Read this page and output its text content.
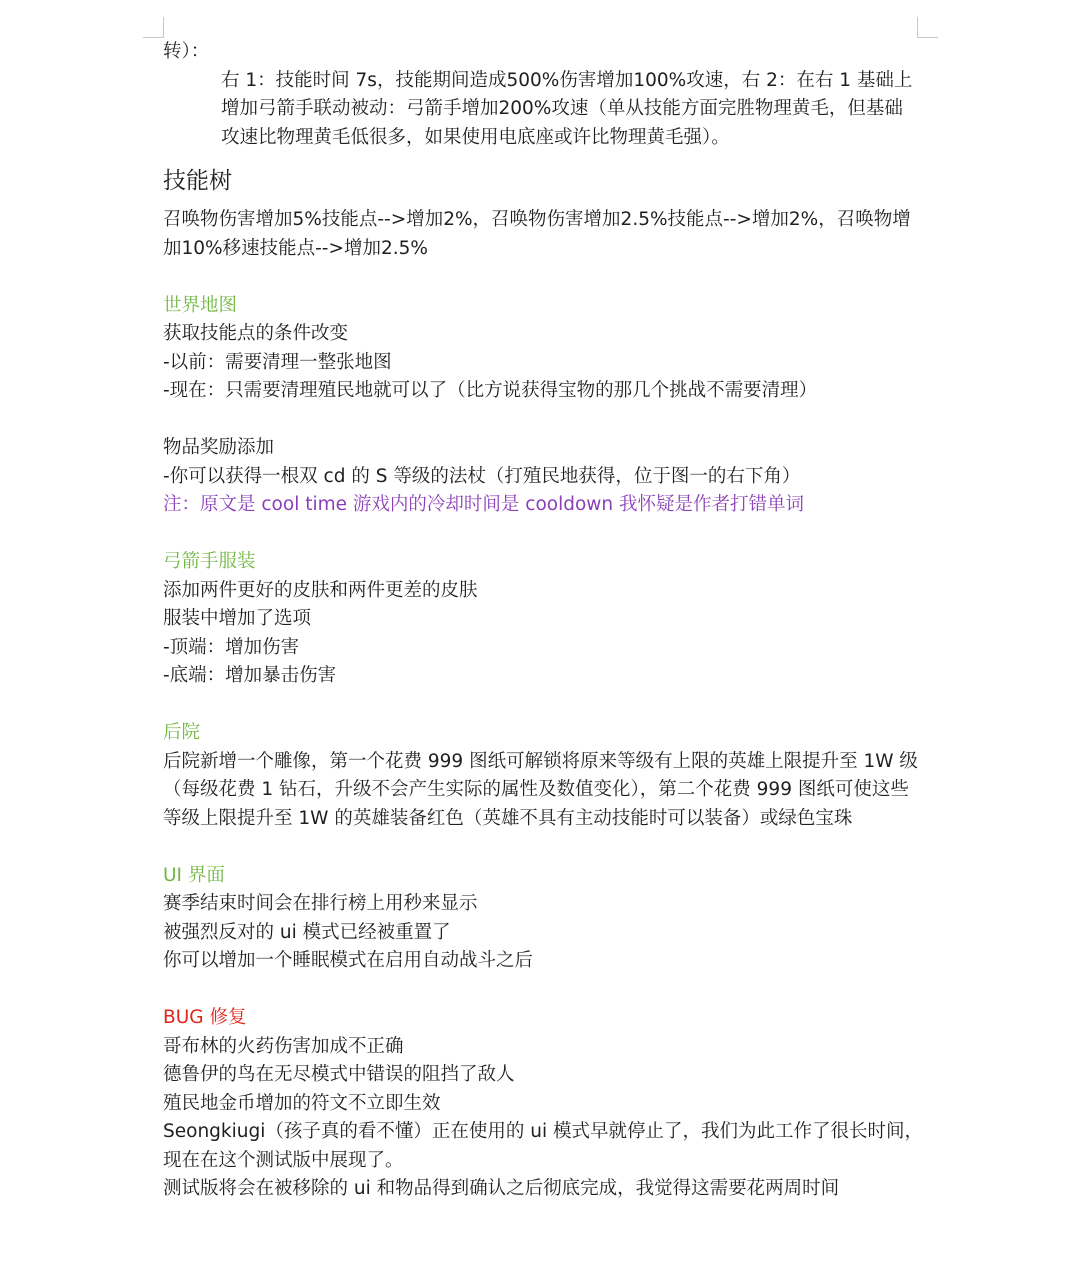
转）：

右 1：技能时间 7s，技能期间造成500%伤害增加100%攻速，右 2：在右 1 基础上增加弓箭手联动被动：弓箭手增加200%攻速（单从技能方面完胜物理黄毛，但基础攻速比物理黄毛低很多，如果使用电底座或许比物理黄毛强）。

技能树

召唤物伤害增加5%技能点-->增加2%，召唤物伤害增加2.5%技能点-->增加2%，召唤物增加10%移速技能点-->增加2.5%

世界地图

获取技能点的条件改变

-以前：需要清理一整张地图

-现在：只需要清理殖民地就可以了（比方说获得宝物的那几个挑战不需要清理）

物品奖励添加

-你可以获得一根双 cd 的 S 等级的法杖（打殖民地获得，位于图一的右下角）

注：原文是 cool time 游戏内的冷却时间是 cooldown 我怀疑是作者打错单词

弓箭手服装

添加两件更好的皮肤和两件更差的皮肤

服装中增加了选项

-顶端：增加伤害

-底端：增加暴击伤害

后院

后院新增一个雕像，第一个花费 999 图纸可解锁将原来等级有上限的英雄上限提升至 1W 级（每级花费 1 钻石，升级不会产生实际的属性及数值变化），第二个花费 999 图纸可使这些等级上限提升至 1W 的英雄装备红色（英雄不具有主动技能时可以装备）或绿色宝珠

UI 界面

赛季结束时间会在排行榜上用秒来显示

被强烈反对的 ui 模式已经被重置了

你可以增加一个睡眠模式在启用自动战斗之后

BUG 修复

哥布林的火药伤害加成不正确

德鲁伊的鸟在无尽模式中错误的阻挡了敌人

殖民地金币增加的符文不立即生效

Seongkiugi（孩子真的看不懂）正在使用的 ui 模式早就停止了，我们为此工作了很长时间，现在在这个测试版中展现了。

测试版将会在被移除的 ui 和物品得到确认之后彻底完成，我觉得这需要花两周时间
